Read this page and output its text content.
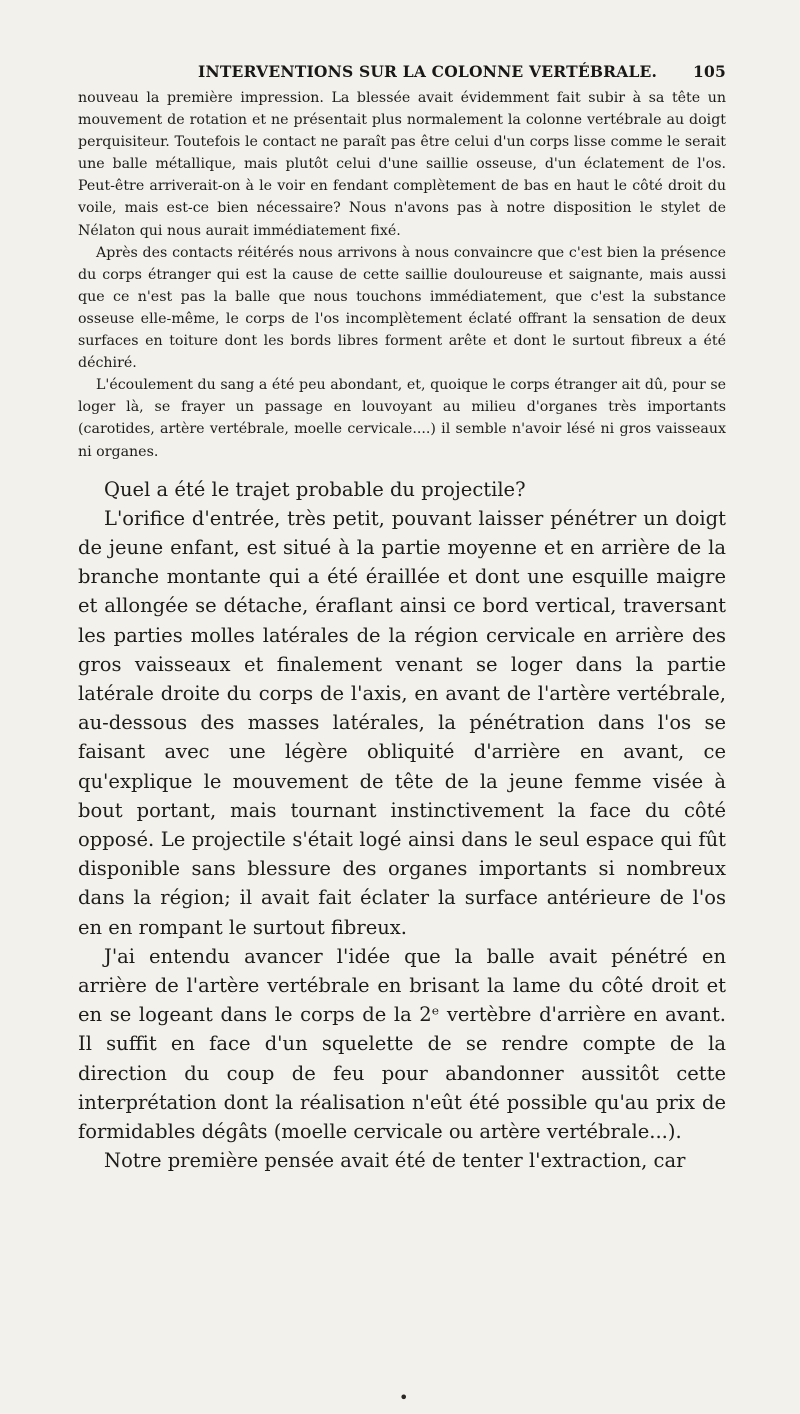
INTERVENTIONS SUR LA COLONNE VERTÉBRALE. 105

nouveau la première impression. La blessée avait évidemment fait subir à sa tête un mouvement de rotation et ne présentait plus normalement la colonne vertébrale au doigt perquisiteur. Toutefois le contact ne paraît pas être celui d'un corps lisse comme le serait une balle métallique, mais plutôt celui d'une saillie osseuse, d'un éclatement de l'os. Peut-être arriverait-on à le voir en fendant complètement de bas en haut le côté droit du voile, mais est-ce bien nécessaire? Nous n'avons pas à notre disposition le stylet de Nélaton qui nous aurait immédiatement fixé.

Après des contacts réitérés nous arrivons à nous convaincre que c'est bien la présence du corps étranger qui est la cause de cette saillie douloureuse et saignante, mais aussi que ce n'est pas la balle que nous touchons immédiatement, que c'est la substance osseuse elle-même, le corps de l'os incomplètement éclaté offrant la sensation de deux surfaces en toiture dont les bords libres forment arête et dont le surtout fibreux a été déchiré.

L'écoulement du sang a été peu abondant, et, quoique le corps étranger ait dû, pour se loger là, se frayer un passage en louvoyant au milieu d'organes très importants (carotides, artère vertébrale, moelle cervicale....) il semble n'avoir lésé ni gros vaisseaux ni organes.

Quel a été le trajet probable du projectile?

L'orifice d'entrée, très petit, pouvant laisser pénétrer un doigt de jeune enfant, est situé à la partie moyenne et en arrière de la branche montante qui a été éraillée et dont une esquille maigre et allongée se détache, éraflant ainsi ce bord vertical, traversant les parties molles latérales de la région cervicale en arrière des gros vaisseaux et finalement venant se loger dans la partie latérale droite du corps de l'axis, en avant de l'artère vertébrale, au-dessous des masses latérales, la pénétration dans l'os se faisant avec une légère obliquité d'arrière en avant, ce qu'explique le mouvement de tête de la jeune femme visée à bout portant, mais tournant instinctivement la face du côté opposé. Le projectile s'était logé ainsi dans le seul espace qui fût disponible sans blessure des organes importants si nombreux dans la région; il avait fait éclater la surface antérieure de l'os en en rompant le surtout fibreux.

J'ai entendu avancer l'idée que la balle avait pénétré en arrière de l'artère vertébrale en brisant la lame du côté droit et en se logeant dans le corps de la 2ᵉ vertèbre d'arrière en avant. Il suffit en face d'un squelette de se rendre compte de la direction du coup de feu pour abandonner aussitôt cette interprétation dont la réalisation n'eût été possible qu'au prix de formidables dégâts (moelle cervicale ou artère vertébrale...).

Notre première pensée avait été de tenter l'extraction, car

•
